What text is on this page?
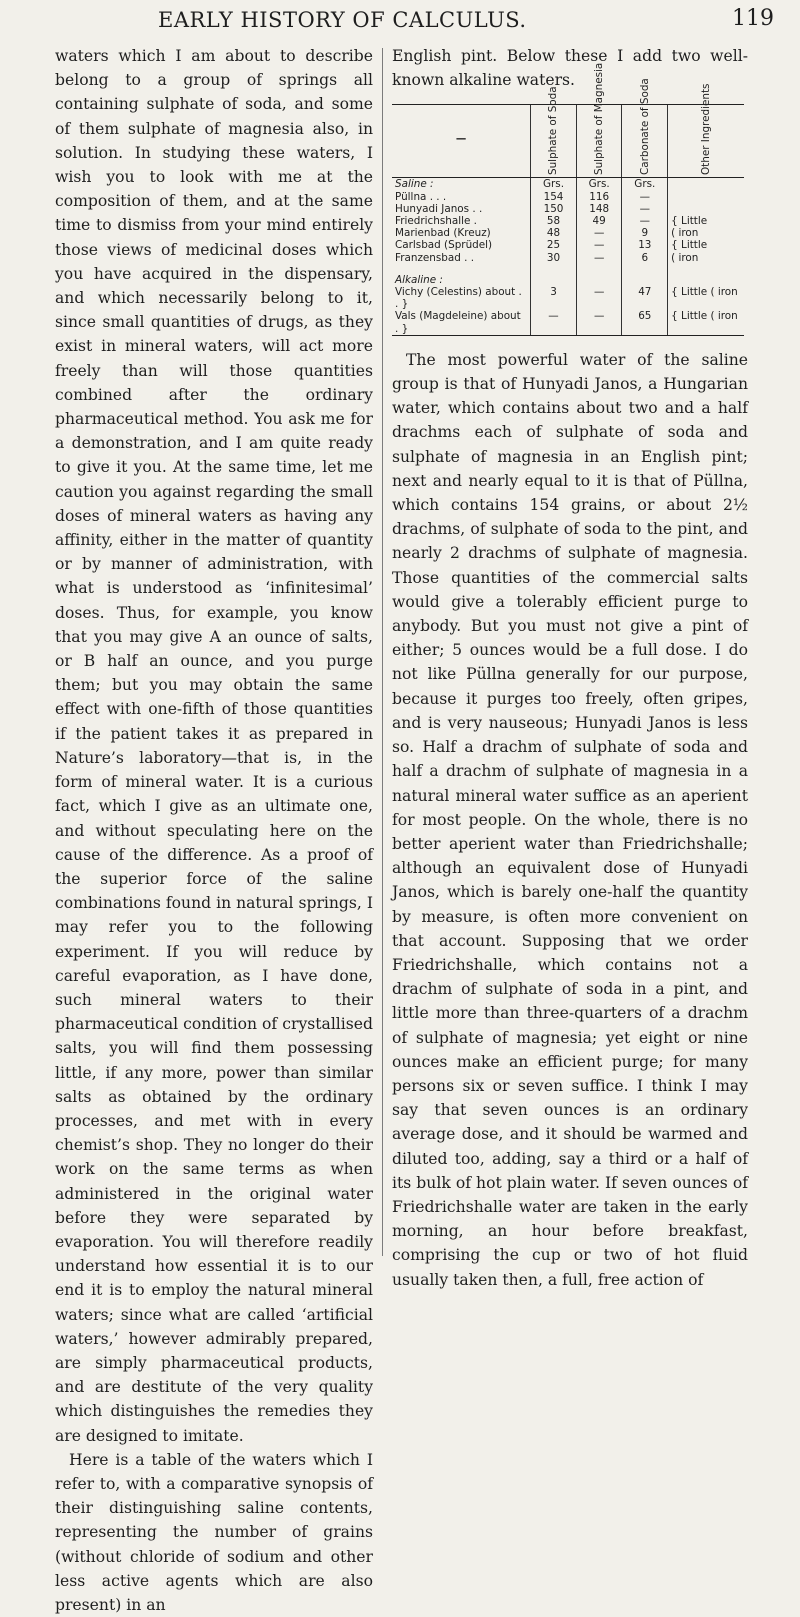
EARLY HISTORY OF CALCULUS.	119

waters which I am about to describe belong to a group of springs all containing sulphate of soda, and some of them sulphate of magnesia also, in solution. In studying these waters, I wish you to look with me at the composition of them, and at the same time to dismiss from your mind entirely those views of medicinal doses which you have acquired in the dispensary, and which necessarily belong to it, since small quantities of drugs, as they exist in mineral waters, will act more freely than will those quantities combined after the ordinary pharmaceutical method. You ask me for a demonstration, and I am quite ready to give it you. At the same time, let me caution you against regarding the small doses of mineral waters as having any affinity, either in the matter of quantity or by manner of administration, with what is understood as ‘infinitesimal’ doses. Thus, for example, you know that you may give A an ounce of salts, or B half an ounce, and you purge them; but you may obtain the same effect with one-fifth of those quantities if the patient takes it as prepared in Nature’s laboratory—that is, in the form of mineral water. It is a curious fact, which I give as an ultimate one, and without speculating here on the cause of the difference. As a proof of the superior force of the saline combinations found in natural springs, I may refer you to the following experiment. If you will reduce by careful evaporation, as I have done, such mineral waters to their pharmaceutical condition of crystallised salts, you will find them possessing little, if any more, power than similar salts as obtained by the ordinary processes, and met with in every chemist’s shop. They no longer do their work on the same terms as when administered in the original water before they were separated by evaporation. You will therefore readily understand how essential it is to our end it is to employ the natural mineral waters; since what are called ‘artificial waters,’ however admirably prepared, are simply pharmaceutical products, and are destitute of the very quality which distinguishes the remedies they are designed to imitate.

Here is a table of the waters which I refer to, with a comparative synopsis of their distinguishing saline contents, representing the number of grains (without chloride of sodium and other less active agents which are also present) in an

English pint. Below these I add two well-known alkaline waters.

—	Sulphate of Soda	Sulphate of Magnesia	Carbonate of Soda	Other Ingredients

Saline :	Grs.	Grs.	Grs.	
Püllna . . .	154	116	—	
Hunyadi Janos . .	150	148	—	
Friedrichshalle .	58	49	—	{ Little
Marienbad (Kreuz)	48	—	9	( iron
Carlsbad (Sprüdel)	25	—	13	{ Little
Franzensbad . .	30	—	6	( iron

Alkaline :				
Vichy (Celestins) about . . }	3	—	47	{ Little ( iron
Vals (Magdeleine) about . }	—	—	65	{ Little ( iron

The most powerful water of the saline group is that of Hunyadi Janos, a Hungarian water, which contains about two and a half drachms each of sulphate of soda and sulphate of magnesia in an English pint; next and nearly equal to it is that of Püllna, which contains 154 grains, or about 2½ drachms, of sulphate of soda to the pint, and nearly 2 drachms of sulphate of magnesia. Those quantities of the commercial salts would give a tolerably efficient purge to anybody. But you must not give a pint of either; 5 ounces would be a full dose. I do not like Püllna generally for our purpose, because it purges too freely, often gripes, and is very nauseous; Hunyadi Janos is less so. Half a drachm of sulphate of soda and half a drachm of sulphate of magnesia in a natural mineral water suffice as an aperient for most people. On the whole, there is no better aperient water than Friedrichshalle; although an equivalent dose of Hunyadi Janos, which is barely one-half the quantity by measure, is often more convenient on that account. Supposing that we order Friedrichshalle, which contains not a drachm of sulphate of soda in a pint, and little more than three-quarters of a drachm of sulphate of magnesia; yet eight or nine ounces make an efficient purge; for many persons six or seven suffice. I think I may say that seven ounces is an ordinary average dose, and it should be warmed and diluted too, adding, say a third or a half of its bulk of hot plain water. If seven ounces of Friedrichshalle water are taken in the early morning, an hour before breakfast, comprising the cup or two of hot fluid usually taken then, a full, free action of
